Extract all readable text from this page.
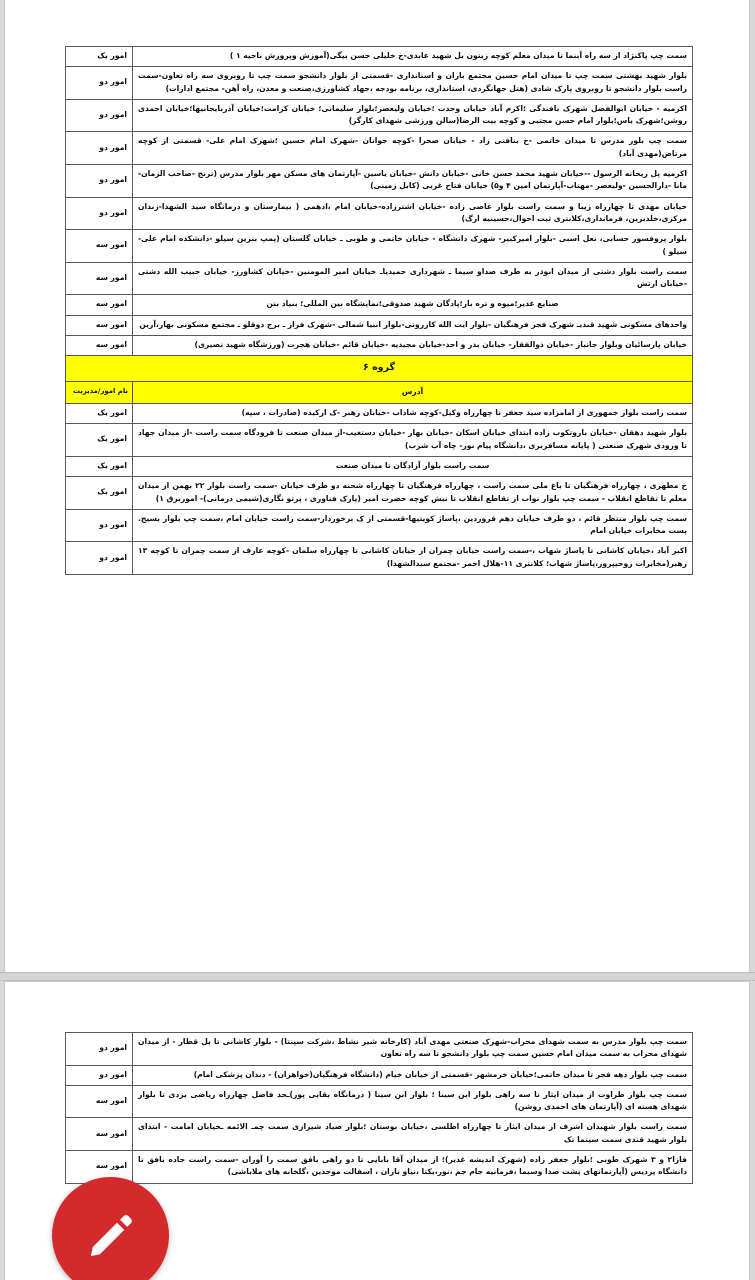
سمت چپ پاکنژاد از سه راه آبنما تا میدان معلم کوچه زیتون بل شهید عابدی-خ خلیلی حسن بیگی(آموزش وپرورش ناحیه ۱ )	امور یک
بلوار شهید بهشتی سمت چپ تا میدان امام حسین مجتمع باران و استانداری -قسمتی از بلوار دانشجو سمت چپ تا روبروی سه راه تعاون-سمت راست بلوار دانشجو تا روبروی پارک شادی (هتل جهانگردی، استانداری، برنامه بودجه ،جهاد کشاورزی،صنعت و معدن، راه آهن- مجتمع ادارات)	امور دو
اکرمیه - خیابان ابوالفضل شهرک بافندگی ؛اکرم آباد خیابان وحدت ؛خیابان ولیعصر؛بلوار سلیمانی؛ خیابان کرامت؛خیابان آذربایجانیها؛خیابان احمدی روشن؛شهرک یاس؛بلوار امام حسن مجتبی و کوچه بیت الرضا(سالن ورزشی شهدای کارگر)	امور دو
سمت چپ بلور مدرس تا میدان خاتمی -خ بنافتی زاد - خیابان صحرا -کوچه جوانان -شهرک امام حسین ؛شهرک امام علی- قسمتی از کوچه مرتاض(مهدی آباد)	امور دو
اکرمیه پل ریحانه الرسول --خیابان شهید محمد حسن خانی -خیابان دانش -خیابان یاسین -آپارتمان های مسکن مهر بلوار مدرس (ترنج -صاحب الزمان- مانا -دارالحسین -ولیعصر -مهتاب-آپارتمان امین ۴ و۵) خیابان فتاح غربی (کابل زمینی)	امور دو
خیابان مهدی تا چهارراه زیبا و سمت راست بلوار عاصی زاده -خیابان اشترزاده-خیابان امام ،ادهمی ( بیمارستان و درمانگاه سید الشهدا-زندان مرکزی،خلدبرین، فرمانداری،کلانتری ثبت احوال،حسینیه ارگ)	امور دو
بلوار پروفسور حسابی، نعل اسبی -بلوار امیرکبیر- شهرک دانشگاه - خیابان خاتمی و طوبی ـ خیابان گلستان (پمپ بنزین سیلو -دانشکده امام علی-سیلو )	امور سه
سمت راست بلوار دشتی از میدان ابوذر به طرف صداو سیما ـ شهرداری حمیدیاـ خیابان امیر المومنین -خیابان کشاورز- خیابان حبیب الله دشتی -خیابان ارتش	امور سه
صنایع غدیر؛میوه و تره بار؛پادگان شهید صدوقی؛نمایشگاه بین المللی؛ بنیاد بتن	امور سه
واحدهای مسکونی شهید قندیـ شهرک فجر فرهنگیان -بلوار ایت الله کازرونی-بلوار انبیا شمالی -شهرک فراز ـ برج دوقلو ـ مجتمع مسکونی بهار،آرین	امور سه
خیابان پارسائیان وبلوار جانباز -خیابان ذوالفقار- خیابان بدر و احد-خیابان مجیدیه -خیابان قائم -خیابان هجرت (ورزشگاه شهید نصیری)	امور سه
گروه ۶	
آدرس	نام امور/مدیریت
سمت راست بلوار جمهوری از امامزاده سید جعفر تا چهارراه وکیل-کوچه شاداب -خیابان رهبر -ک ارکیده (صادرات ، سپه)	امور یک
بلوار شهید دهقان -خیابان باروتکوب زاده ابتدای خیابان اسکان -خیابان بهار -خیابان دستغیب-از میدان صنعت تا فرودگاه سمت راست -از میدان جهاد تا ورودی شهرک صنعتی ( پایانه مسافربری ،دانشگاه پیام نور- چاه آب شرب)	امور یک
سمت راست بلوار آزادگان تا میدان صنعت	امور یک
خ مطهری ، چهارراه فرهنگیان تا باغ ملی سمت راست ، چهارراه فرهنگیان تا چهارراه شحنه دو طرف خیابان -سمت راست بلوار ۲۲ بهمن از میدان معلم تا تقاطع انقلاب - سمت چپ بلوار نواب از تقاطع انقلاب تا نبش کوچه حضرت امیر (پارک فناوری ، پرتو نگاری(شیمی درمانی)- اموربرق ۱)	امور یک
سمت چپ بلوار منتظر قائم ، دو طرف خیابان دهم فروردین ،پاساژ کویتیها-قسمتی از ک برخوردار-سمت راست خیابان امام ،سمت چپ بلوار بسیج. پست مخابرات خیابان امام	امور دو
اکبر آباد ،خیابان کاشانی تا پاساژ شهاب ،-سمت راست خیابان چمران از خیابان کاشانی تا چهارراه سلمان -کوچه عارف از سمت چمران تا کوچه ۱۳ رهبر(مخابرات روحیپرور،پاساژ شهاب؛ کلانتری ۱۱-هلال احمر -مجتمع سیدالشهدا)	امور دو
سمت چپ بلوار مدرس به سمت شهدای محراب-شهرک صنعتی مهدی آباد (کارخانه شیر نشاط ،شرکت سپنتا) - بلوار کاشانی تا پل قطار - از میدان شهدای محراب به سمت میدان امام حسین سمت چپ بلوار دانشجو تا سه راه تعاون	امور دو
سمت چپ بلوار دهه فجر تا میدان خاتمی؛خیابان خرمشهر -قسمتی از خیابان خیام (دانشگاه فرهنگیان(خواهران) - دندان پزشکی امام)	امور دو
سمت چپ بلوار طراوت از میدان ایثار تا سه راهی بلوار ابن سینا ؛ بلوار ابن سینا ( درمانگاه بقایی پور)ـحد فاصل چهارراه ریاضی یزدی تا بلوار شهدای هسته ای (آپارتمان های احمدی روشن)	امور سه
سمت راست بلوار شهیدان اشرف از میدان ایثار تا چهارراه اطلسی ،خیابان بوستان ؛بلوار صیاد شیرازی سمت چمـ الائمه ـخیابان امامت - ابتدای بلوار شهید قندی سمت سینما تک	امور سه
فازا۲ و ۳ شهرک طوبی ؛بلوار جعفر زاده (شهرک اندیشه غدیر)؛ از میدان آقا بابایی تا دو راهی بافق سمت را آوران -سمت راست جاده بافق تا دانشگاه پردیس (آپارتمانهای پشت صدا وسیما ،فرمانیه جام جم ،نور،یکتا ،نیاو باران ، اسفالت موحدین ،گلخانه های ملاباشی)	امور سه
